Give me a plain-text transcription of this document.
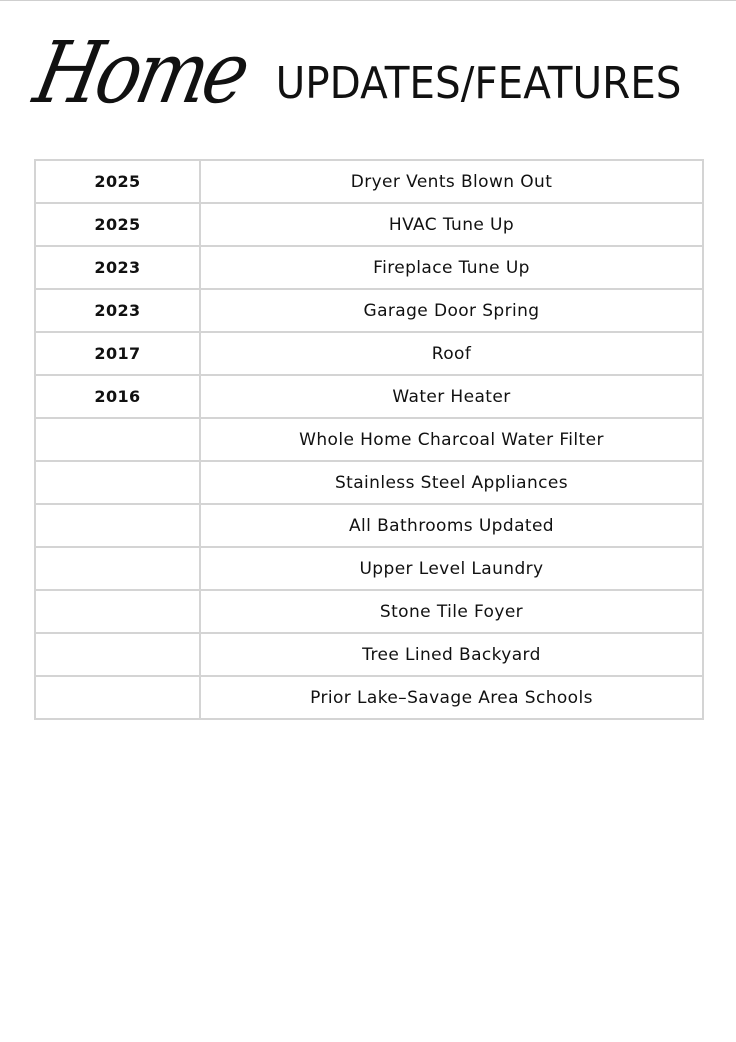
Home UPDATES/FEATURES
2025	Dryer Vents Blown Out
2025	HVAC Tune Up
2023	Fireplace Tune Up
2023	Garage Door Spring
2017	Roof
2016	Water Heater
	Whole Home Charcoal Water Filter
	Stainless Steel Appliances
	All Bathrooms Updated
	Upper Level Laundry
	Stone Tile Foyer
	Tree Lined Backyard
	Prior Lake–Savage Area Schools
